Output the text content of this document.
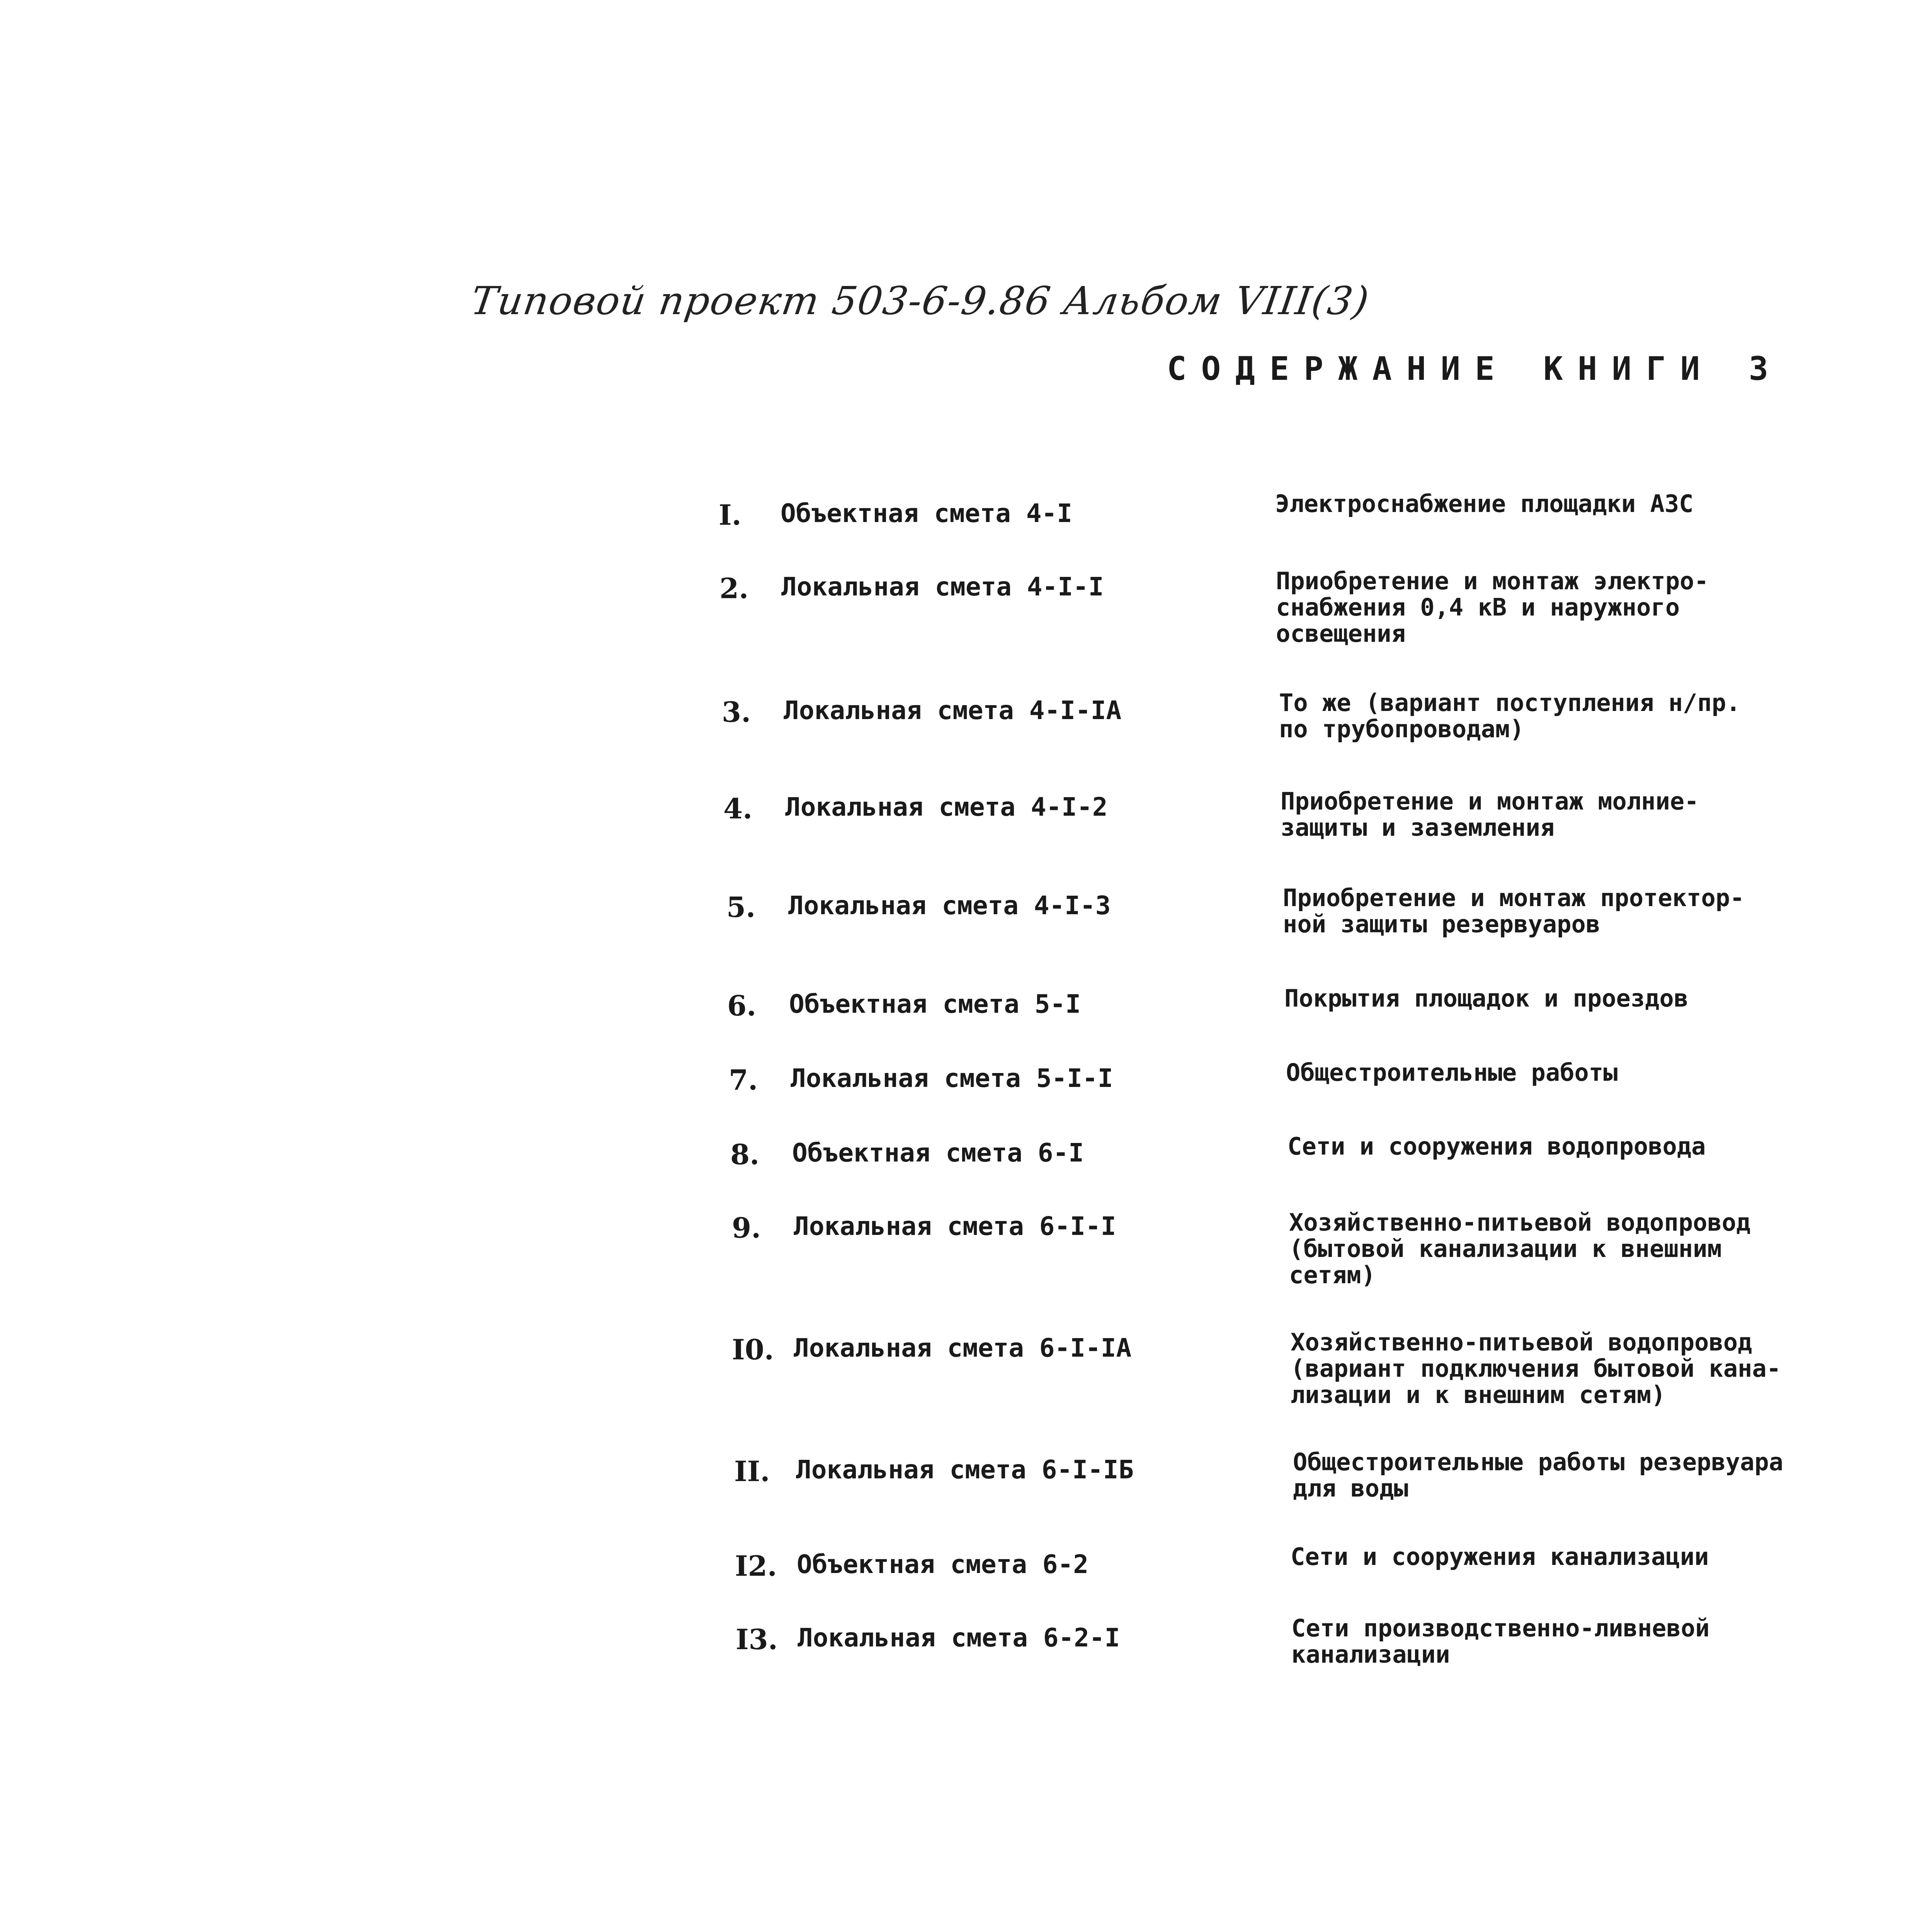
Типовой проект 503-6-9.86 Альбом VIII(3)
СОДЕРЖАНИЕ КНИГИ 3
I. Объектная смета 4-I	Электроснабжение площадки АЗС
2. Локальная смета 4-I-I	Приобретение и монтаж электро-
снабжения 0,4 кВ и наружного
освещения
3. Локальная смета 4-I-IА	То же (вариант поступления н/пр.
по трубопроводам)
4. Локальная смета 4-I-2	Приобретение и монтаж молние-
защиты и заземления
5. Локальная смета 4-I-3	Приобретение и монтаж протектор-
ной защиты резервуаров
6. Объектная смета 5-I	Покрытия площадок и проездов
7. Локальная смета 5-I-I	Общестроительные работы
8. Объектная смета 6-I	Сети и сооружения водопровода
9. Локальная смета 6-I-I	Хозяйственно-питьевой водопровод
(бытовой канализации к внешним
сетям)
I0. Локальная смета 6-I-IА	Хозяйственно-питьевой водопровод
(вариант подключения бытовой кана-
лизации и к внешним сетям)
II. Локальная смета 6-I-IБ	Общестроительные работы резервуара
для воды
I2. Объектная смета 6-2	Сети и сооружения канализации
I3. Локальная смета 6-2-I	Сети производственно-ливневой
канализации
